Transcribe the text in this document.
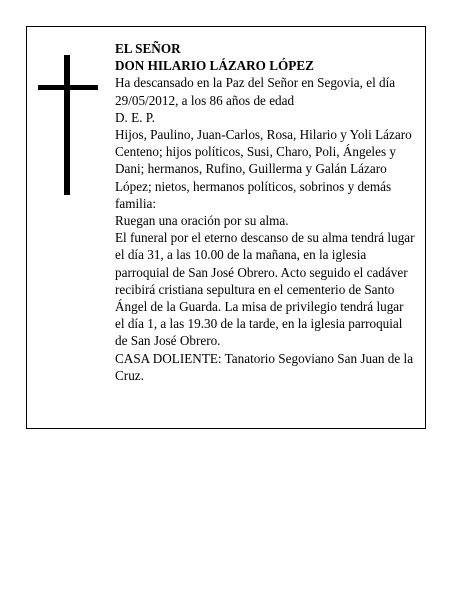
EL SEÑOR
DON HILARIO LÁZARO LÓPEZ
Ha descansado en la Paz del Señor en Segovia, el día 29/05/2012, a los 86 años de edad
D. E. P.
Hijos, Paulino, Juan-Carlos, Rosa, Hilario y Yoli Lázaro Centeno; hijos políticos, Susi, Charo, Poli, Ángeles y Dani; hermanos, Rufino, Guillerma y Galán Lázaro López; nietos, hermanos políticos, sobrinos y demás familia:
Ruegan una oración por su alma.
El funeral por el eterno descanso de su alma tendrá lugar el día 31, a las 10.00 de la mañana, en la iglesia parroquial de San José Obrero. Acto seguido el cadáver recibirá cristiana sepultura en el cementerio de Santo Ángel de la Guarda. La misa de privilegio tendrá lugar el día 1, a las 19.30 de la tarde, en la iglesia parroquial de San José Obrero.
CASA DOLIENTE: Tanatorio Segoviano San Juan de la Cruz.
